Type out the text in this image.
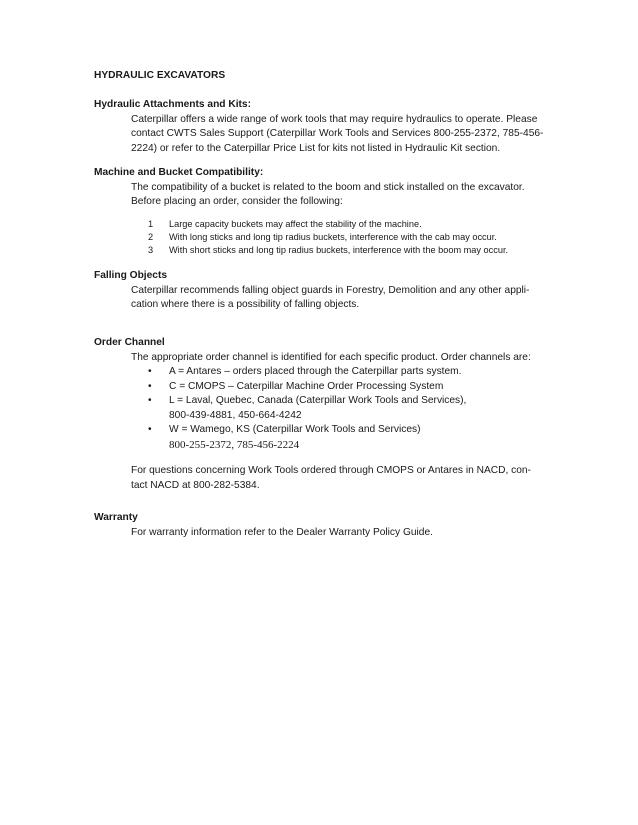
HYDRAULIC EXCAVATORS
Hydraulic Attachments and Kits:
Caterpillar offers a wide range of work tools that may require hydraulics to operate. Please
contact CWTS Sales Support (Caterpillar Work Tools and Services 800-255-2372, 785-456-
2224) or refer to the Caterpillar Price List for kits not listed in Hydraulic Kit section.
Machine and Bucket Compatibility:
The compatibility of a bucket is related to the boom and stick installed on the excavator.
Before placing an order, consider the following:
1	Large capacity buckets may affect the stability of the machine.
2	With long sticks and long tip radius buckets, interference with the cab may occur.
3	With short sticks and long tip radius buckets, interference with the boom may occur.
Falling Objects
Caterpillar recommends falling object guards in Forestry, Demolition and any other appli-
cation where there is a possibility of falling objects.
Order Channel
The appropriate order channel is identified for each specific product. Order channels are:
•	A = Antares – orders placed through the Caterpillar parts system.
•	C = CMOPS – Caterpillar Machine Order Processing System
•	L = Laval, Quebec, Canada (Caterpillar Work Tools and Services),
800-439-4881, 450-664-4242
•	W = Wamego, KS (Caterpillar Work Tools and Services)
800-255-2372, 785-456-2224
For questions concerning Work Tools ordered through CMOPS or Antares in NACD, con-
tact NACD at 800-282-5384.
Warranty
For warranty information refer to the Dealer Warranty Policy Guide.
